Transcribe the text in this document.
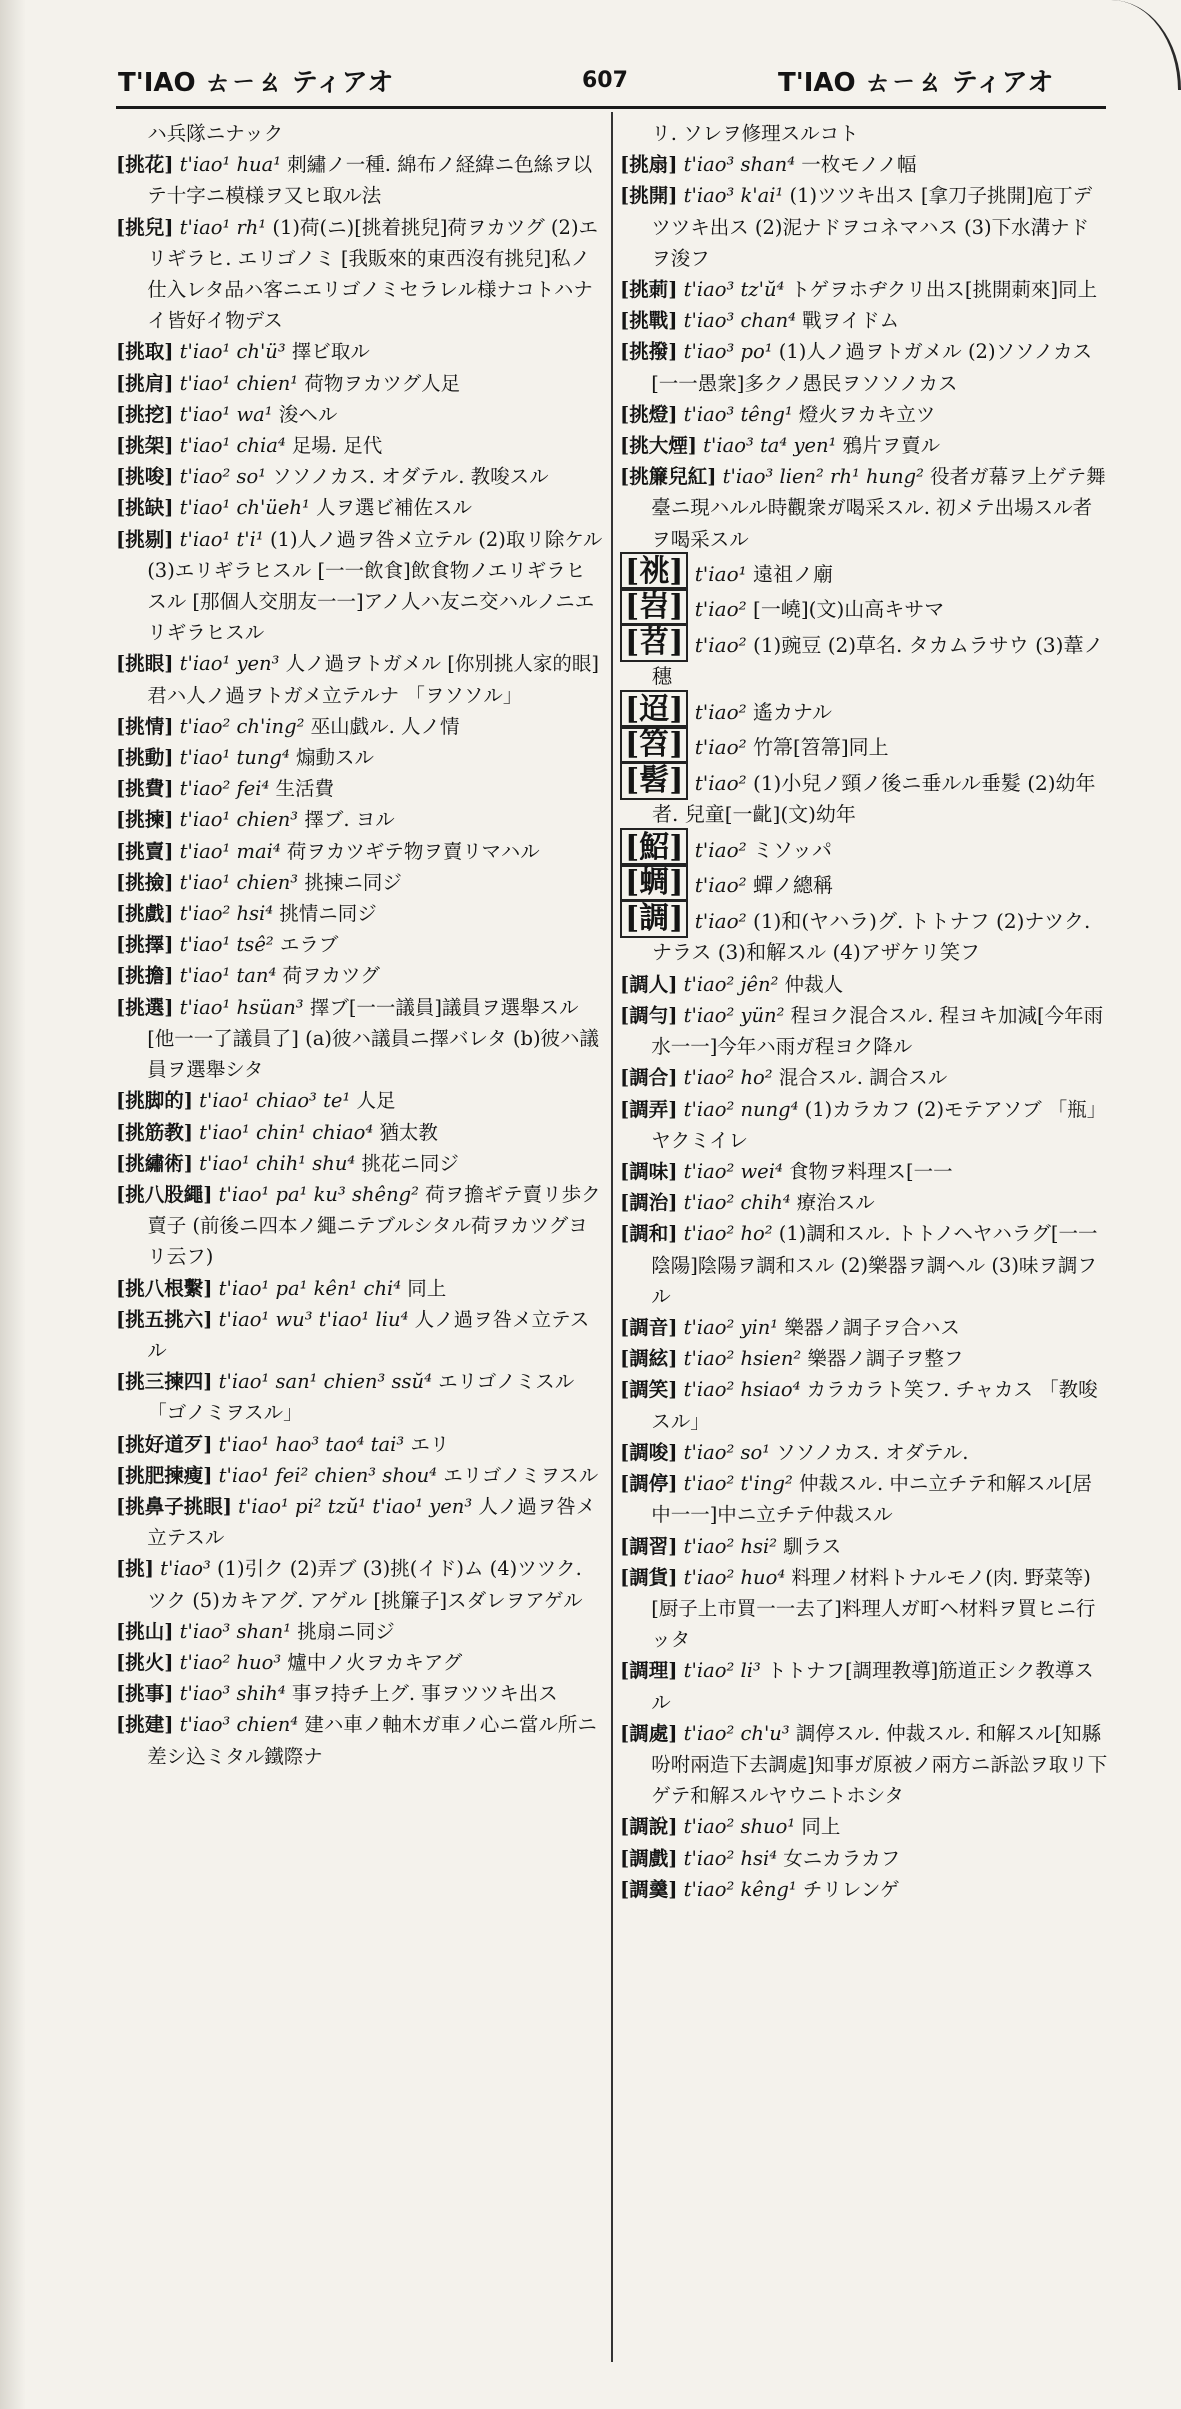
T'IAO ㄊㄧㄠ ティアオ	607	T'IAO ㄊㄧㄠ ティアオ

ハ兵隊ニナック

[挑花] t'iao¹ hua¹ 刺繡ノ一種. 綿布ノ経緯ニ色絲ヲ以テ十字ニ模様ヲ又ヒ取ル法

[挑兒] t'iao¹ rh¹ (1)荷(ニ)[挑着挑兒]荷ヲカツグ (2)エリギラヒ. エリゴノミ [我販來的東西沒有挑兒]私ノ仕入レタ品ハ客ニエリゴノミセラレル様ナコトハナイ皆好イ物デス

[挑取] t'iao¹ ch'ü³ 擇ビ取ル

[挑肩] t'iao¹ chien¹ 荷物ヲカツグ人足

[挑挖] t'iao¹ wa¹ 浚ヘル

[挑架] t'iao¹ chia⁴ 足場. 足代

[挑唆] t'iao² so¹ ソソノカス. オダテル. 教唆スル

[挑缺] t'iao¹ ch'üeh¹ 人ヲ選ビ補佐スル

[挑剔] t'iao¹ t'i¹ (1)人ノ過ヲ咎メ立テル (2)取リ除ケル (3)エリギラヒスル [一一飲食]飲食物ノエリギラヒスル [那個人交朋友一一]アノ人ハ友ニ交ハルノニエリギラヒスル

[挑眼] t'iao¹ yen³ 人ノ過ヲトガメル [你別挑人家的眼]君ハ人ノ過ヲトガメ立テルナ 「ヲソソル」

[挑情] t'iao² ch'ing² 巫山戯ル. 人ノ情

[挑動] t'iao¹ tung⁴ 煽動スル

[挑費] t'iao² fei⁴ 生活費

[挑揀] t'iao¹ chien³ 擇ブ. ヨル

[挑賣] t'iao¹ mai⁴ 荷ヲカツギテ物ヲ賣リマハル

[挑撿] t'iao¹ chien³ 挑揀ニ同ジ

[挑戲] t'iao² hsi⁴ 挑情ニ同ジ

[挑擇] t'iao¹ tsê² エラブ

[挑擔] t'iao¹ tan⁴ 荷ヲカツグ

[挑選] t'iao¹ hsüan³ 擇ブ[一一議員]議員ヲ選舉スル [他一一了議員了] (a)彼ハ議員ニ擇バレタ (b)彼ハ議員ヲ選舉シタ

[挑脚的] t'iao¹ chiao³ te¹ 人足

[挑筋教] t'iao¹ chin¹ chiao⁴ 猶太教

[挑繡術] t'iao¹ chih¹ shu⁴ 挑花ニ同ジ

[挑八股繩] t'iao¹ pa¹ ku³ shêng² 荷ヲ擔ギテ賣リ歩ク賣子 (前後ニ四本ノ繩ニテブルシタル荷ヲカツグヨリ云フ)

[挑八根繫] t'iao¹ pa¹ kên¹ chi⁴ 同上

[挑五挑六] t'iao¹ wu³ t'iao¹ liu⁴ 人ノ過ヲ咎メ立テスル

[挑三揀四] t'iao¹ san¹ chien³ ssŭ⁴ エリゴノミスル 「ゴノミヲスル」

[挑好道歹] t'iao¹ hao³ tao⁴ tai³ エリ

[挑肥揀瘦] t'iao¹ fei² chien³ shou⁴ エリゴノミヲスル

[挑鼻子挑眼] t'iao¹ pi² tzŭ¹ t'iao¹ yen³ 人ノ過ヲ咎メ立テスル

[挑] t'iao³ (1)引ク (2)弄ブ (3)挑(イド)ム (4)ツツク. ツク (5)カキアグ. アゲル [挑簾子]スダレヲアゲル

[挑山] t'iao³ shan¹ 挑扇ニ同ジ

[挑火] t'iao² huo³ 爐中ノ火ヲカキアグ

[挑事] t'iao³ shih⁴ 事ヲ持チ上グ. 事ヲツツキ出ス

[挑建] t'iao³ chien⁴ 建ハ車ノ軸木ガ車ノ心ニ當ル所ニ差シ込ミタル鐵際ナ

リ. ソレヲ修理スルコト

[挑扇] t'iao³ shan⁴ 一枚モノノ幅

[挑開] t'iao³ k'ai¹ (1)ツツキ出ス [拿刀子挑開]庖丁デツツキ出ス (2)泥ナドヲコネマハス (3)下水溝ナドヲ浚フ

[挑莿] t'iao³ tz'ŭ⁴ トゲヲホヂクリ出ス[挑開莿來]同上

[挑戰] t'iao³ chan⁴ 戰ヲイドム

[挑撥] t'iao³ po¹ (1)人ノ過ヲトガメル (2)ソソノカス[一一愚衆]多クノ愚民ヲソソノカス

[挑燈] t'iao³ têng¹ 燈火ヲカキ立ツ

[挑大煙] t'iao³ ta⁴ yen¹ 鴉片ヲ賣ル

[挑簾兒紅] t'iao³ lien² rh¹ hung² 役者ガ幕ヲ上ゲテ舞臺ニ現ハルル時觀衆ガ喝采スル. 初メテ出場スル者ヲ喝采スル

[祧] t'iao¹ 遠祖ノ廟

[岧] t'iao² [一嶢](文)山高キサマ

[苕] t'iao² (1)豌豆 (2)草名. タカムラサウ (3)葦ノ穗

[迢] t'iao² 遙カナル

[笤] t'iao² 竹箒[笤箒]同上

[髫] t'iao² (1)小兒ノ頸ノ後ニ垂ルル垂髮 (2)幼年者. 兒童[一齔](文)幼年

[鮉] t'iao² ミソッパ

[蜩] t'iao² 蟬ノ總稱

[調] t'iao² (1)和(ヤハラ)グ. トトナフ (2)ナツク. ナラス (3)和解スル (4)アザケリ笑フ

[調人] t'iao² jên² 仲裁人

[調勻] t'iao² yün² 程ヨク混合スル. 程ヨキ加減[今年雨水一一]今年ハ雨ガ程ヨク降ル

[調合] t'iao² ho² 混合スル. 調合スル

[調弄] t'iao² nung⁴ (1)カラカフ (2)モテアソブ 「瓶」ヤクミイレ

[調味] t'iao² wei⁴ 食物ヲ料理ス[一一

[調治] t'iao² chih⁴ 療治スル

[調和] t'iao² ho² (1)調和スル. トトノヘヤハラグ[一一陰陽]陰陽ヲ調和スル (2)樂器ヲ調ヘル (3)味ヲ調フル

[調音] t'iao² yin¹ 樂器ノ調子ヲ合ハス

[調絃] t'iao² hsien² 樂器ノ調子ヲ整フ

[調笑] t'iao² hsiao⁴ カラカラト笑フ. チャカス 「教唆スル」

[調唆] t'iao² so¹ ソソノカス. オダテル.

[調停] t'iao² t'ing² 仲裁スル. 中ニ立チテ和解スル[居中一一]中ニ立チテ仲裁スル

[調習] t'iao² hsi² 馴ラス

[調貨] t'iao² huo⁴ 料理ノ材料トナルモノ(肉. 野菜等)[厨子上市買一一去了]料理人ガ町ヘ材料ヲ買ヒニ行ッタ

[調理] t'iao² li³ トトナフ[調理教導]筋道正シク教導スル

[調處] t'iao² ch'u³ 調停スル. 仲裁スル. 和解スル[知縣吩咐兩造下去調處]知事ガ原被ノ兩方ニ訴訟ヲ取リ下ゲテ和解スルヤウニトホシタ

[調說] t'iao² shuo¹ 同上

[調戲] t'iao² hsi⁴ 女ニカラカフ

[調羹] t'iao² kêng¹ チリレンゲ
